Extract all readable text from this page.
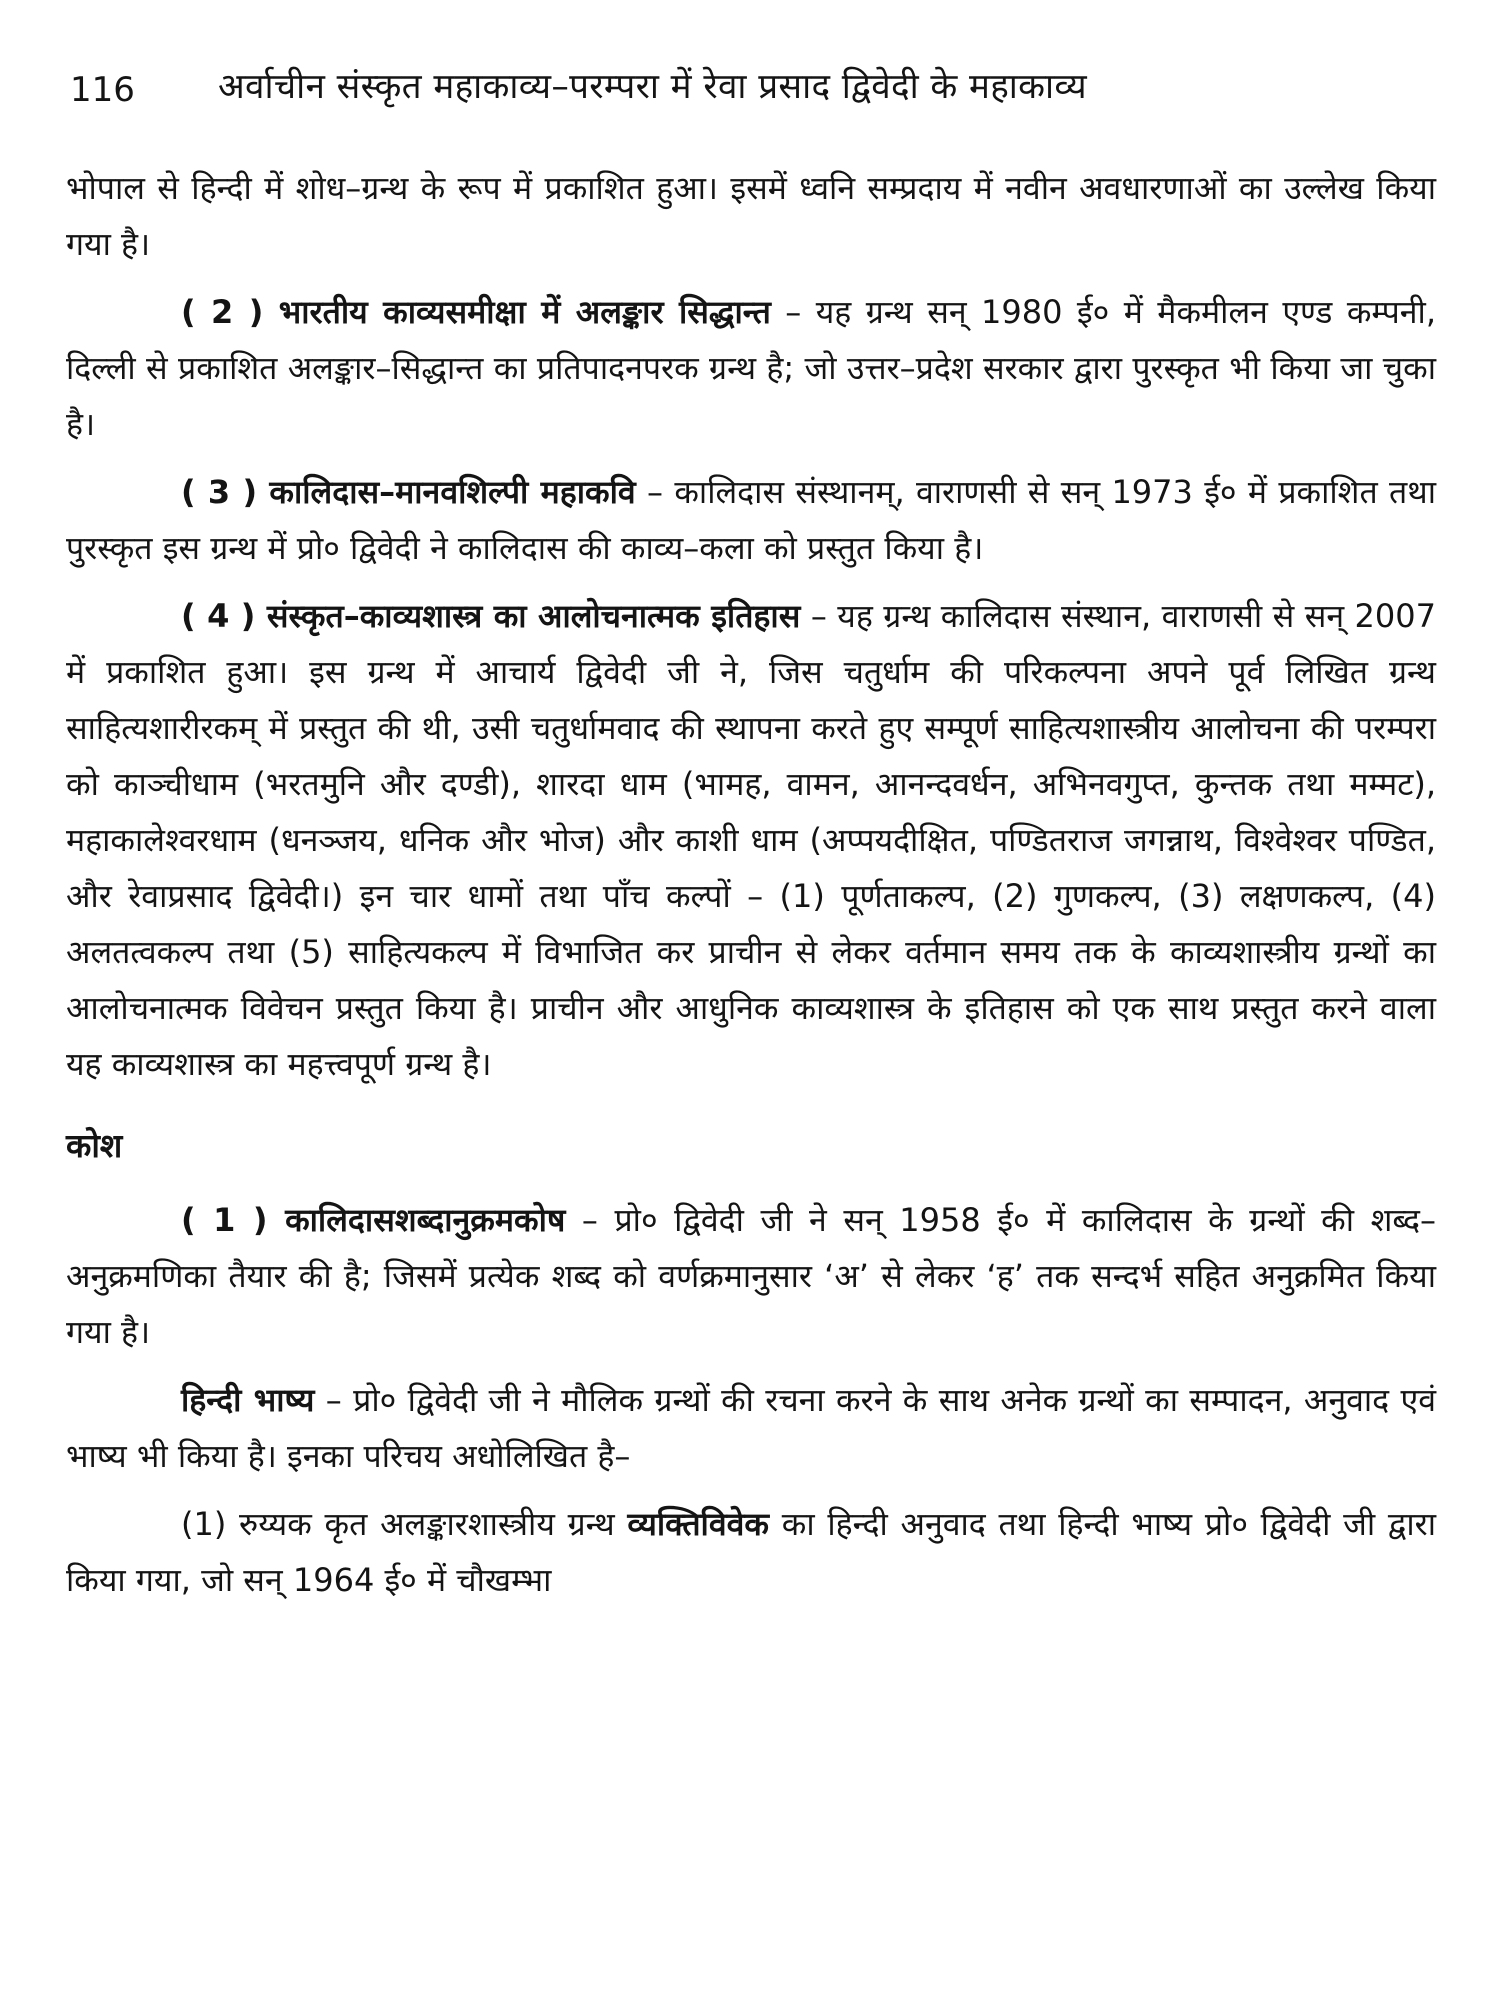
116 अर्वाचीन संस्कृत महाकाव्य–परम्परा में रेवा प्रसाद द्विवेदी के महाकाव्य

भोपाल से हिन्दी में शोध–ग्रन्थ के रूप में प्रकाशित हुआ। इसमें ध्वनि सम्प्रदाय में नवीन अवधारणाओं का उल्लेख किया गया है।

( 2 ) भारतीय काव्यसमीक्षा में अलङ्कार सिद्धान्त – यह ग्रन्थ सन् 1980 ई० में मैकमीलन एण्ड कम्पनी, दिल्ली से प्रकाशित अलङ्कार–सिद्धान्त का प्रतिपादनपरक ग्रन्थ है; जो उत्तर–प्रदेश सरकार द्वारा पुरस्कृत भी किया जा चुका है।

( 3 ) कालिदास–मानवशिल्पी महाकवि – कालिदास संस्थानम्, वाराणसी से सन् 1973 ई० में प्रकाशित तथा पुरस्कृत इस ग्रन्थ में प्रो० द्विवेदी ने कालिदास की काव्य–कला को प्रस्तुत किया है।

( 4 ) संस्कृत–काव्यशास्त्र का आलोचनात्मक इतिहास – यह ग्रन्थ कालिदास संस्थान, वाराणसी से सन् 2007 में प्रकाशित हुआ। इस ग्रन्थ में आचार्य द्विवेदी जी ने, जिस चतुर्धाम की परिकल्पना अपने पूर्व लिखित ग्रन्थ साहित्यशारीरकम् में प्रस्तुत की थी, उसी चतुर्धामवाद की स्थापना करते हुए सम्पूर्ण साहित्यशास्त्रीय आलोचना की परम्परा को काञ्चीधाम (भरतमुनि और दण्डी), शारदा धाम (भामह, वामन, आनन्दवर्धन, अभिनवगुप्त, कुन्तक तथा मम्मट), महाकालेश्वरधाम (धनञ्जय, धनिक और भोज) और काशी धाम (अप्पयदीक्षित, पण्डितराज जगन्नाथ, विश्वेश्वर पण्डित, और रेवाप्रसाद द्विवेदी।) इन चार धामों तथा पाँच कल्पों – (1) पूर्णताकल्प, (2) गुणकल्प, (3) लक्षणकल्प, (4) अलतत्वकल्प तथा (5) साहित्यकल्प में विभाजित कर प्राचीन से लेकर वर्तमान समय तक के काव्यशास्त्रीय ग्रन्थों का आलोचनात्मक विवेचन प्रस्तुत किया है। प्राचीन और आधुनिक काव्यशास्त्र के इतिहास को एक साथ प्रस्तुत करने वाला यह काव्यशास्त्र का महत्त्वपूर्ण ग्रन्थ है।

कोश

( 1 ) कालिदासशब्दानुक्रमकोष – प्रो० द्विवेदी जी ने सन् 1958 ई० में कालिदास के ग्रन्थों की शब्द–अनुक्रमणिका तैयार की है; जिसमें प्रत्येक शब्द को वर्णक्रमानुसार ‘अ’ से लेकर ‘ह’ तक सन्दर्भ सहित अनुक्रमित किया गया है।

हिन्दी भाष्य – प्रो० द्विवेदी जी ने मौलिक ग्रन्थों की रचना करने के साथ अनेक ग्रन्थों का सम्पादन, अनुवाद एवं भाष्य भी किया है। इनका परिचय अधोलिखित है–

(1) रुय्यक कृत अलङ्कारशास्त्रीय ग्रन्थ व्यक्तिविवेक का हिन्दी अनुवाद तथा हिन्दी भाष्य प्रो० द्विवेदी जी द्वारा किया गया, जो सन् 1964 ई० में चौखम्भा
